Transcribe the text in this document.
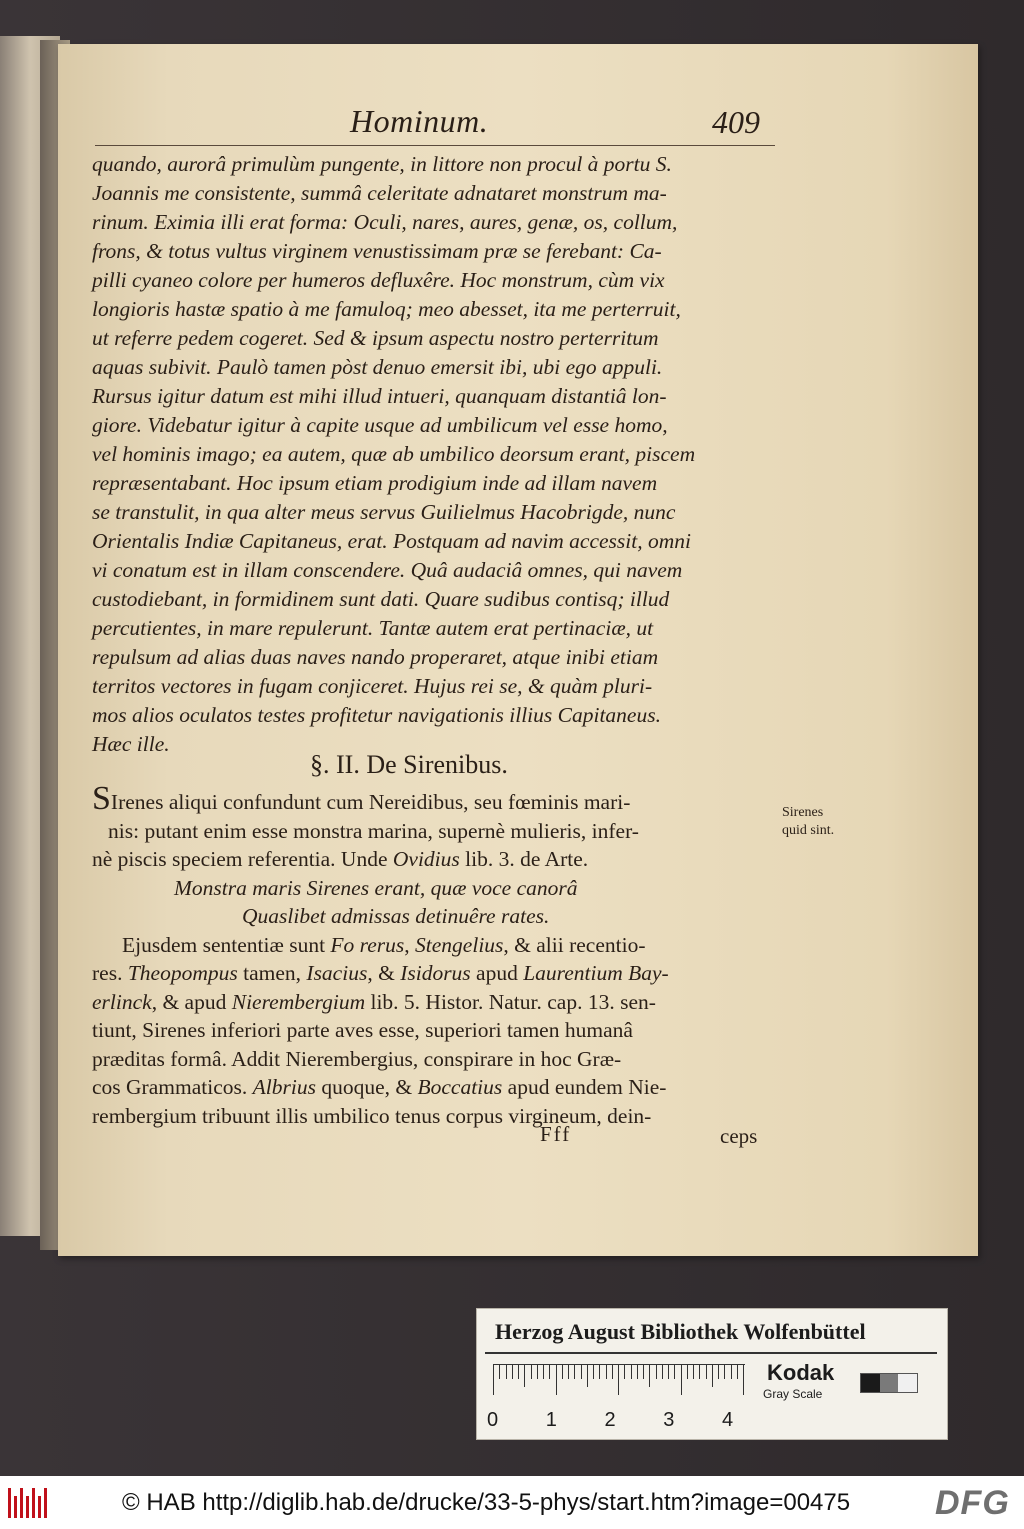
Hominum.	409
quando, aurorâ primulùm pungente, in littore non procul à portu S.
Joannis me consistente, summâ celeritate adnataret monstrum ma-
rinum. Eximia illi erat forma: Oculi, nares, aures, genæ, os, collum,
frons, & totus vultus virginem venustissimam præ se ferebant: Ca-
pilli cyaneo colore per humeros defluxêre. Hoc monstrum, cùm vix
longioris hastæ spatio à me famuloq; meo abesset, ita me perterruit,
ut referre pedem cogeret. Sed & ipsum aspectu nostro perterritum
aquas subivit. Paulò tamen pòst denuo emersit ibi, ubi ego appuli.
Rursus igitur datum est mihi illud intueri, quanquam distantiâ lon-
giore. Videbatur igitur à capite usque ad umbilicum vel esse homo,
vel hominis imago; ea autem, quæ ab umbilico deorsum erant, piscem
repræsentabant. Hoc ipsum etiam prodigium inde ad illam navem
se transtulit, in qua alter meus servus Guilielmus Hacobrigde, nunc
Orientalis Indiæ Capitaneus, erat. Postquam ad navim accessit, omni
vi conatum est in illam conscendere. Quâ audaciâ omnes, qui navem
custodiebant, in formidinem sunt dati. Quare sudibus contisq; illud
percutientes, in mare repulerunt. Tantæ autem erat pertinaciæ, ut
repulsum ad alias duas naves nando properaret, atque inibi etiam
territos vectores in fugam conjiceret. Hujus rei se, & quàm pluri-
mos alios oculatos testes profitetur navigationis illius Capitaneus.
Hæc ille.
§. II. De Sirenibus.
SIrenes aliqui confundunt cum Nereidibus, seu fœminis mari-
nis: putant enim esse monstra marina, supernè mulieris, infer-
nè piscis speciem referentia. Unde Ovidius lib. 3. de Arte.
Monstra maris Sirenes erant, quæ voce canorâ
Quaslibet admissas detinuêre rates.
Ejusdem sententiæ sunt Fo rerus, Stengelius, & alii recentio-
res. Theopompus tamen, Isacius, & Isidorus apud Laurentium Bay-
erlinck, & apud Nierembergium lib. 5. Histor. Natur. cap. 13. sen-
tiunt, Sirenes inferiori parte aves esse, superiori tamen humanâ
præditas formâ. Addit Nierembergius, conspirare in hoc Græ-
cos Grammaticos. Albrius quoque, & Boccatius apud eundem Nie-
rembergium tribuunt illis umbilico tenus corpus virgineum, dein-
Sirenes
quid sint.
Fff	ceps
Herzog August Bibliothek Wolfenbüttel
0 1 2 3 4
Kodak
Gray Scale
© HAB http://diglib.hab.de/drucke/33-5-phys/start.htm?image=00475 DFG
